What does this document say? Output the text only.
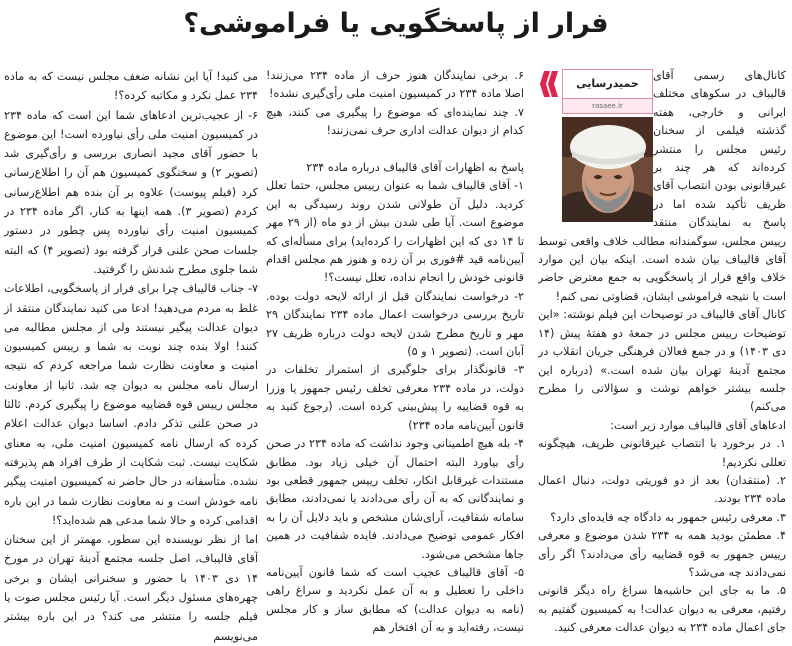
فرار از پاسخگویی یا فراموشی؟
حمیدرسایی
rasaee.ir

کانال‌های رسمی آقای قالیباف در سکوهای مختلف ایرانی و خارجی، هفته گذشته فیلمی از سخنان رئیس مجلس را منتشر کرده‌اند که هر چند بر غیرقانونی بودن انتصاب آقای ظریف تأکید شده اما در پاسخ به نمایندگان منتقد رییس مجلس، سوگمندانه مطالب خلاف واقعی توسط آقای قالیباف بیان شده است. اینکه بیان این موارد خلاف واقع فرار از پاسخگویی به جمع معترض حاضر است یا نتیجه فراموشی ایشان، قضاوتی نمی کنم!

کانال آقای قالیباف در توصیحات این فیلم نوشته: «این توضیحات رییس مجلس در جمعهٔ دو هفتهٔ پیش (۱۴ دی ۱۴۰۳) و در جمع فعالان فرهنگی جریان انقلاب در مجتمع آدینهٔ تهران بیان شده است.» (درباره این جلسه بیشتر خواهم نوشت و سؤالاتی را مطرح می‌کنم)

ادعاهای آقای قالیباف موارد زیر است:

۱. در برخورد با انتصاب غیرقانونی ظریف، هیچگونه تعللی نکردیم!

۲. (منتقدان) بعد از دو فوریتی دولت، دنبال اعمال ماده ۲۳۴ بودند.

۳. معرفی رئیس جمهور به دادگاه چه فایده‌ای دارد؟

۴. مطمئن بودید همه به ۲۳۴ شدن موضوع و معرفی رییس جمهور به قوه قضاییه رأی می‌دادند؟ اگر رأی نمی‌دادند چه می‌شد؟

۵. ما به جای این حاشیه‌ها سراغ راه دیگر قانونی رفتیم، معرفی به دیوان عدالت! به کمیسیون گفتیم به جای اعمال ماده ۲۳۴ به دیوان عدالت معرفی کنید.

۶. برخی نمایندگان هنوز حرف از ماده ۲۳۴ می‌زنند! اصلا ماده ۲۳۴ در کمیسیون امنیت ملی رأی‌گیری نشده!

۷. چند نماینده‌ای که موضوع را پیگیری می کنند، هیچ کدام از دیوان عدالت اداری حرف نمی‌زنند!

پاسخ به اظهارات آقای قالیباف درباره ماده ۲۳۴

۱- آقای قالیباف شما به عنوان رییس مجلس، حتما تعلل کردید. دلیل آن طولانی شدن روند رسیدگی به این موضوع است. آیا طی شدن بیش از دو ماه (از ۲۹ مهر تا ۱۴ دی که این اظهارات را کرده‌اید) برای مسأله‌ای که آیین‌نامه قید #فوری بر آن زده و هنوز هم مجلس اقدام قانونی خودش را انجام نداده، تعلل نیست؟!

۲- درخواست نمایندگان قبل از ارائه لایحه دولت بوده. تاریخ بررسی درخواست اعمال ماده ۲۳۴ نمایندگان ۲۹ مهر و تاریخ مطرح شدن لایحه دولت درباره ظریف ۲۷ آبان است. (تصویر ۱ و ۵)

۳- قانونگذار برای جلوگیری از استمرار تخلفات در دولت، در ماده ۲۳۴ معرفی تخلف رئیس جمهور یا وزرا به قوه قضاییه را پیش‌بینی کرده است. (رجوع کنید به قانون آیین‌نامه ماده ۲۳۴)

۴- بله هیچ اطمینانی وجود نداشت که ماده ۲۳۴ در صحن رأی بیاورد البته احتمال آن خیلی زیاد بود. مطابق مستندات غیرقابل انکار، تخلف رییس جمهور قطعی بود و نمایندگانی که به آن رأی می‌دادند یا نمی‌دادند، مطابق سامانه شفافیت، آرای‌شان مشخص و باید دلایل آن را به افکار عمومی توضیح می‌دادند. فایده شفافیت در همین جاها مشخص می‌شود.

۵- آقای قالیباف عجیب است که شما قانون آیین‌نامه داخلی را تعطیل و به آن عمل نکردید و سراغ راهی (نامه به دیوان عدالت) که مطابق ساز و کار مجلس نیست، رفته‌اید و به آن افتخار هم

می کنید! آیا این نشانه ضعف مجلس نیست که به ماده ۲۳۴ عمل نکرد و مکاتبه کرده؟!

۶- از عجیب‌ترین ادعاهای شما این است که ماده ۲۳۴ در کمیسیون امنیت ملی رأی نیاورده است! این موضوع با حضور آقای مجید انصاری بررسی و رأی‌گیری شد (تصویر ۲) و سخنگوی کمیسیون هم آن را اطلاع‌رسانی کرد (فیلم پیوست) علاوه بر آن بنده هم اطلاع‌رسانی کردم (تصویر ۳). همه اینها به کنار، اگر ماده ۲۳۴ در کمیسیون امنیت رأی نیاورده پس چطور در دستور جلسات صحن علنی قرار گرفته بود (تصویر ۴) که البته شما جلوی مطرح شدنش را گرفتید.

۷- جناب قالیباف چرا برای فرار از پاسخگویی، اطلاعات غلط به مردم می‌دهید! ادعا می کنید نمایندگان منتقد از دیوان عدالت پیگیر نیستند ولی از مجلس مطالبه می کنند! اولا بنده چند نوبت به شما و رییس کمیسیون امنیت و معاونت نظارت شما مراجعه کردم که نتیجه ارسال نامه مجلس به دیوان چه شد. ثانیا از معاونت مجلس رییس قوه قضاییه موضوع را پیگیری کردم. ثالثا در صحن علنی تذکر دادم. اساسا دیوان عدالت اعلام کرده که ارسال نامه کمیسیون امنیت ملی، به معنای شکایت نیست. ثبت شکایت از طرف افراد هم پذیرفته نشده. متأسفانه در حال حاضر نه کمیسیون امنیت پیگیر نامه خودش است و نه معاونت نظارت شما در این باره اقدامی کرده و حالا شما مدعی هم شده‌اید؟!

اما از نظر نویسنده این سطور، مهمتر از این سخنان آقای قالیباف، اصل جلسه مجتمع آدینهٔ تهران در مورخ ۱۴ دی ۱۴۰۳ با حضور و سخنرانی ایشان و برخی چهره‌های مسئول دیگر است. آیا رئیس مجلس صوت یا فیلم جلسه را منتشر می کند؟ در این باره بیشتر می‌نویسم
